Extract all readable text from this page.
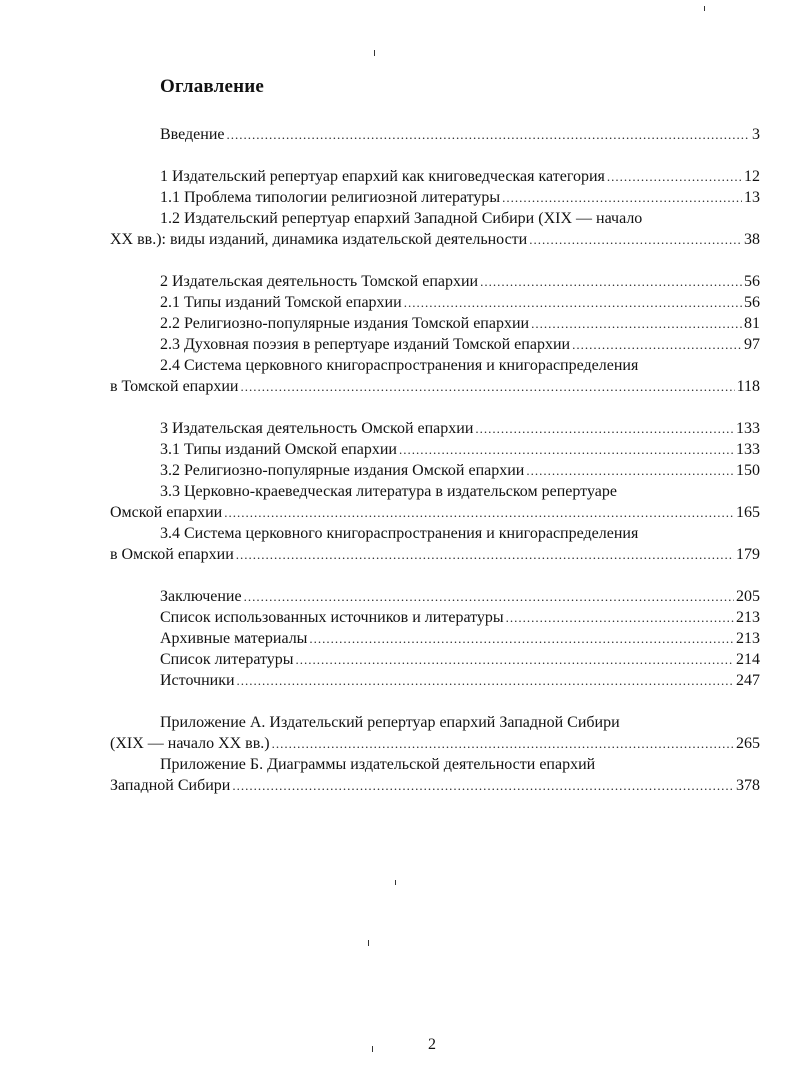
Оглавление
Введение .....	3
1 Издательский репертуар епархий как книговедческая категория .....	12
1.1 Проблема типологии религиозной литературы .....	13
1.2 Издательский репертуар епархий Западной Сибири (XIX — начало
XX вв.): виды изданий, динамика издательской деятельности .....	38
2 Издательская деятельность Томской епархии .....	56
2.1 Типы изданий Томской епархии .....	56
2.2 Религиозно-популярные издания Томской епархии .....	81
2.3 Духовная поэзия в репертуаре изданий Томской епархии .....	97
2.4 Система церковного книгораспространения и книгораспределения
в Томской епархии .....	118
3 Издательская деятельность Омской епархии .....	133
3.1 Типы изданий Омской епархии .....	133
3.2 Религиозно-популярные издания Омской епархии .....	150
3.3 Церковно-краеведческая литература в издательском репертуаре
Омской епархии .....	165
3.4 Система церковного книгораспространения и книгораспределения
в Омской епархии .....	179
Заключение .....	205
Список использованных источников и литературы .....	213
Архивные материалы .....	213
Список литературы .....	214
Источники .....	247
Приложение А. Издательский репертуар епархий Западной Сибири
(XIX — начало XX вв.) .....	265
Приложение Б. Диаграммы издательской деятельности епархий
Западной Сибири .....	378
2
